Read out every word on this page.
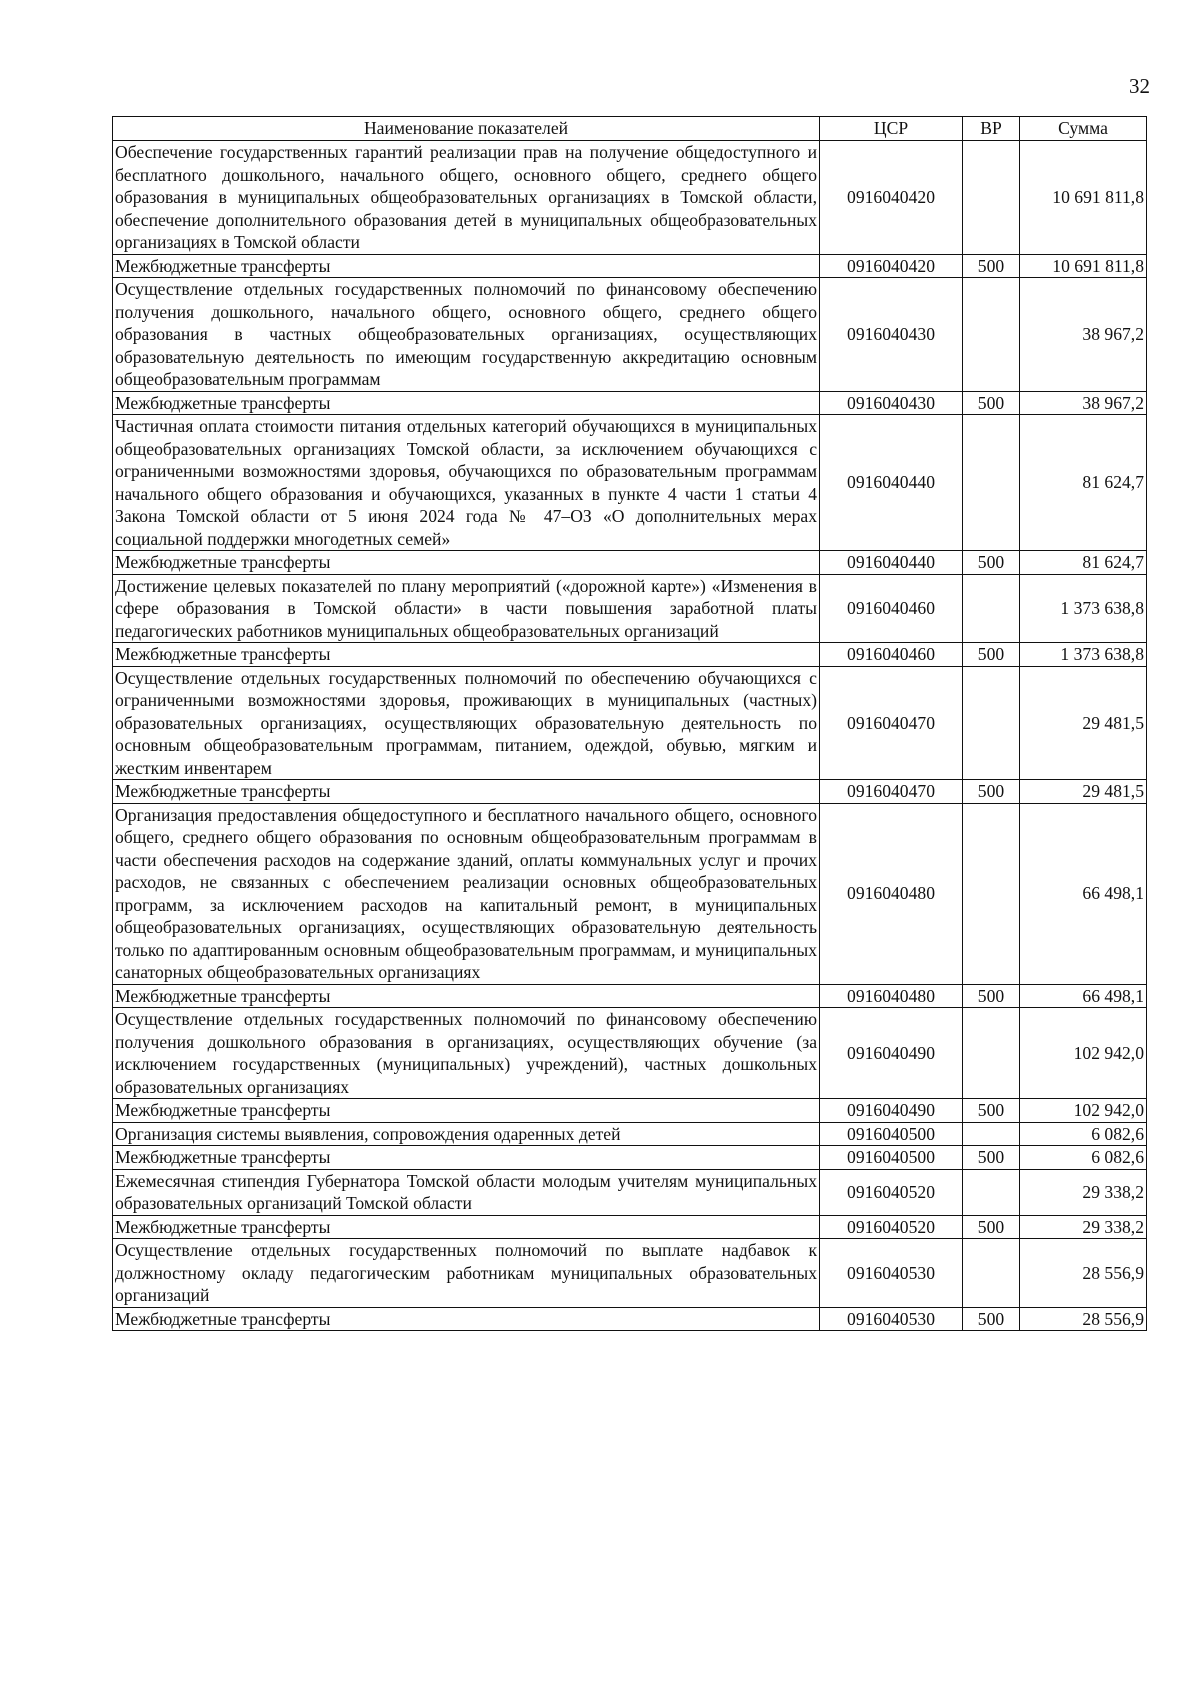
32
Наименование показателей	ЦСР	ВР	Сумма
Обеспечение государственных гарантий реализации прав на получение общедоступного и бесплатного дошкольного, начального общего, основного общего, среднего общего образования в муниципальных общеобразовательных организациях в Томской области, обеспечение дополнительного образования детей в муниципальных общеобразовательных организациях в Томской области	0916040420		10 691 811,8
Межбюджетные трансферты	0916040420	500	10 691 811,8
Осуществление отдельных государственных полномочий по финансовому обеспечению получения дошкольного, начального общего, основного общего, среднего общего образования в частных общеобразовательных организациях, осуществляющих образовательную деятельность по имеющим государственную аккредитацию основным общеобразовательным программам	0916040430		38 967,2
Межбюджетные трансферты	0916040430	500	38 967,2
Частичная оплата стоимости питания отдельных категорий обучающихся в муниципальных общеобразовательных организациях Томской области, за исключением обучающихся с ограниченными возможностями здоровья, обучающихся по образовательным программам начального общего образования и обучающихся, указанных в пункте 4 части 1 статьи 4 Закона Томской области от 5 июня 2024 года № 47–ОЗ «О дополнительных мерах социальной поддержки многодетных семей»	0916040440		81 624,7
Межбюджетные трансферты	0916040440	500	81 624,7
Достижение целевых показателей по плану мероприятий («дорожной карте») «Изменения в сфере образования в Томской области» в части повышения заработной платы педагогических работников муниципальных общеобразовательных организаций	0916040460		1 373 638,8
Межбюджетные трансферты	0916040460	500	1 373 638,8
Осуществление отдельных государственных полномочий по обеспечению обучающихся с ограниченными возможностями здоровья, проживающих в муниципальных (частных) образовательных организациях, осуществляющих образовательную деятельность по основным общеобразовательным программам, питанием, одеждой, обувью, мягким и жестким инвентарем	0916040470		29 481,5
Межбюджетные трансферты	0916040470	500	29 481,5
Организация предоставления общедоступного и бесплатного начального общего, основного общего, среднего общего образования по основным общеобразовательным программам в части обеспечения расходов на содержание зданий, оплаты коммунальных услуг и прочих расходов, не связанных с обеспечением реализации основных общеобразовательных программ, за исключением расходов на капитальный ремонт, в муниципальных общеобразовательных организациях, осуществляющих образовательную деятельность только по адаптированным основным общеобразовательным программам, и муниципальных санаторных общеобразовательных организациях	0916040480		66 498,1
Межбюджетные трансферты	0916040480	500	66 498,1
Осуществление отдельных государственных полномочий по финансовому обеспечению получения дошкольного образования в организациях, осуществляющих обучение (за исключением государственных (муниципальных) учреждений), частных дошкольных образовательных организациях	0916040490		102 942,0
Межбюджетные трансферты	0916040490	500	102 942,0
Организация системы выявления, сопровождения одаренных детей	0916040500		6 082,6
Межбюджетные трансферты	0916040500	500	6 082,6
Ежемесячная стипендия Губернатора Томской области молодым учителям муниципальных образовательных организаций Томской области	0916040520		29 338,2
Межбюджетные трансферты	0916040520	500	29 338,2
Осуществление отдельных государственных полномочий по выплате надбавок к должностному окладу педагогическим работникам муниципальных образовательных организаций	0916040530		28 556,9
Межбюджетные трансферты	0916040530	500	28 556,9
